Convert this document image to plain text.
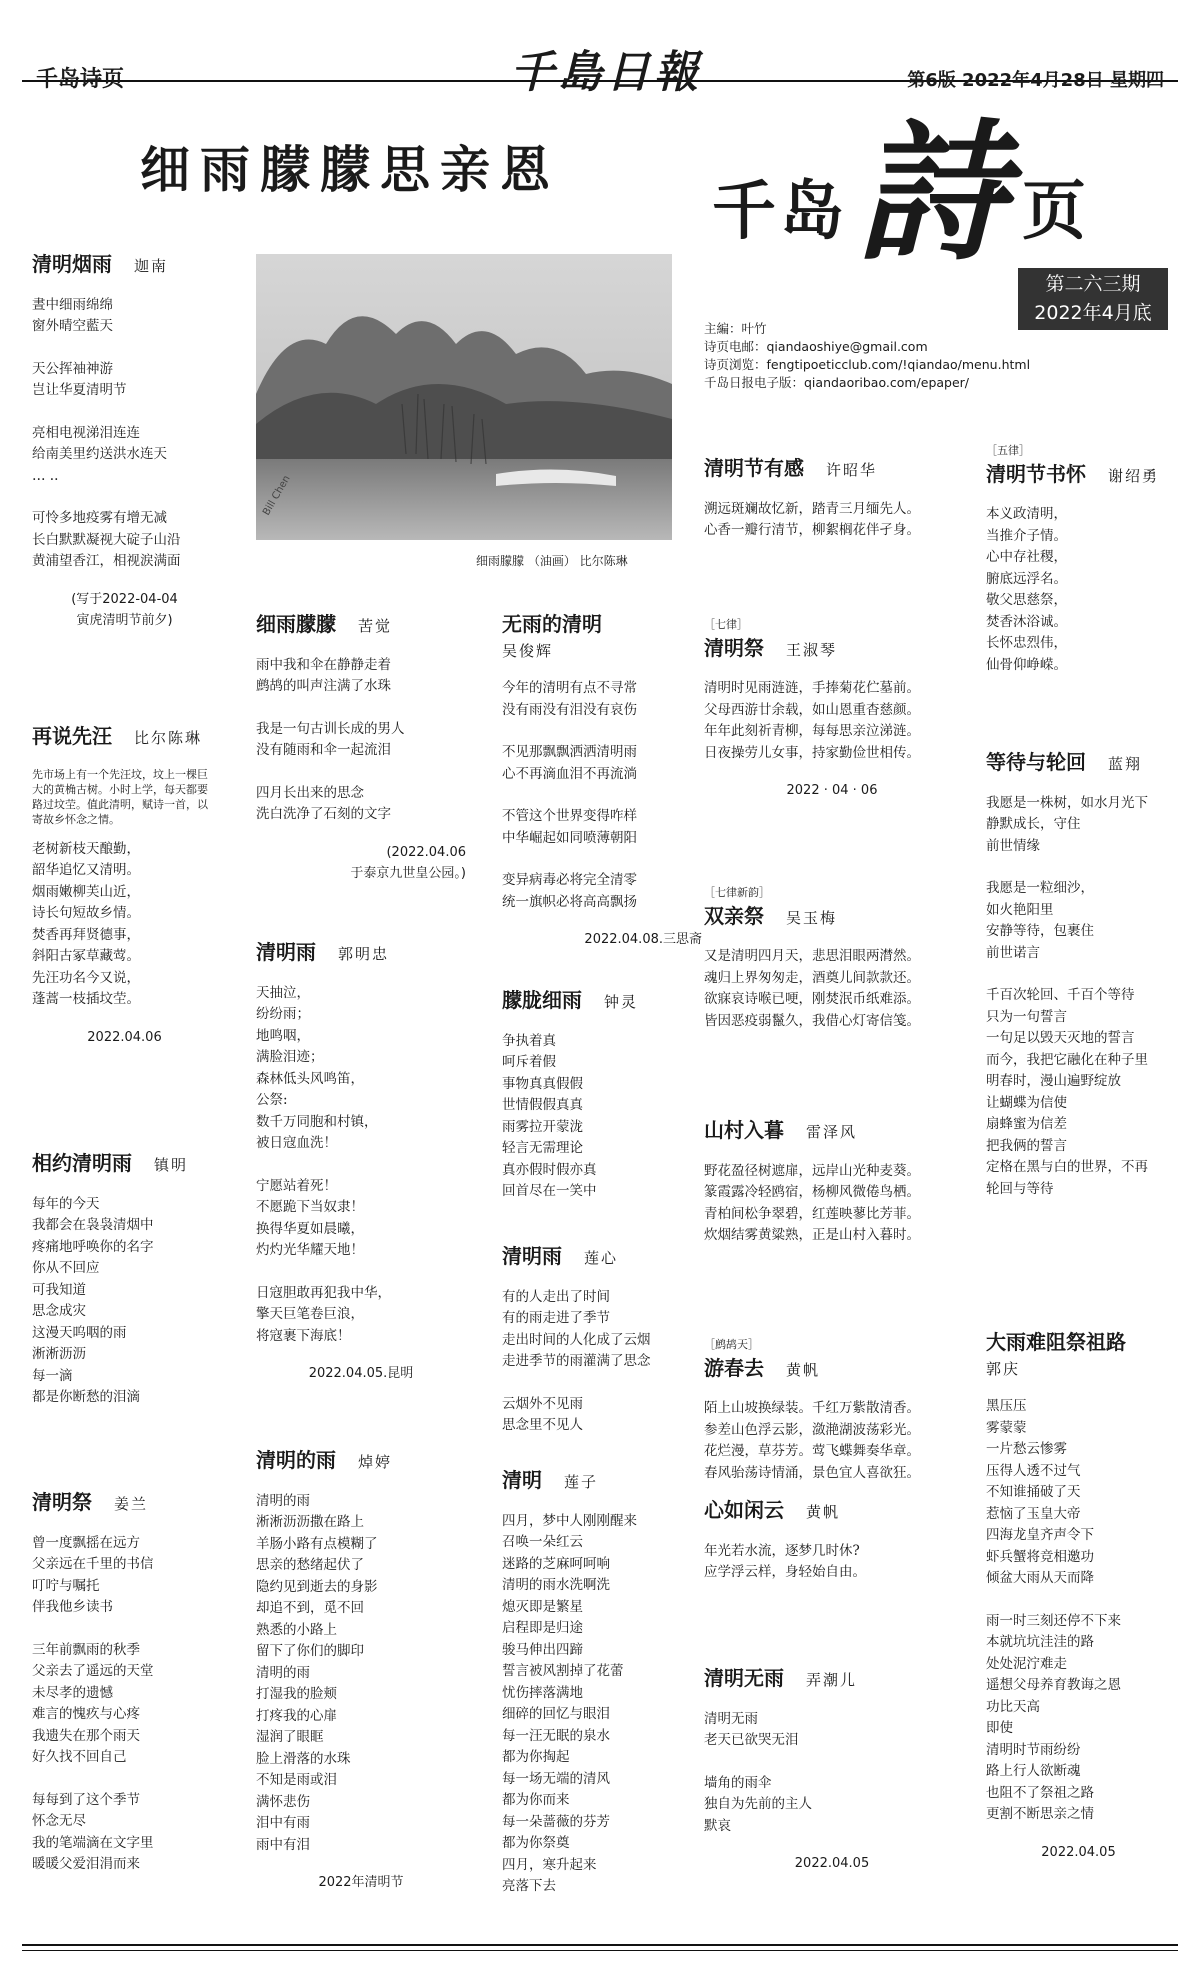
千岛诗页	千島日報	第6版 2022年4月28日 星期四
细雨朦朦思亲恩
千岛 詩 页
第二六三期
2022年4月底
主編：叶竹
诗页电邮：qiandaoshiye@gmail.com
诗页浏览：fengtipoeticclub.com/!qiandao/menu.html
千岛日报电子版：qiandaoribao.com/epaper/
Bill Chen
细雨朦朦 （油画） 比尔陈琳
清明烟雨 迦南
晝中细雨绵绵
窗外晴空藍天
天公挥袖神游
岂让华夏清明节
亮相电视涕泪连连
给南美里约送洪水连天
… ..
可怜多地疫雾有增无减
长白默默凝视大碇子山沿
黄浦望香江，相视涙满面
(写于2022-04-04
寅虎清明节前夕)
再说先汪 比尔陈琳
先市场上有一个先汪坟，坟上一棵巨大的黄桷古树。小时上学，每天都要路过坟茔。值此清明，赋诗一首，以寄故乡怀念之情。
老树新枝天酿勤，
韶华追忆又清明。
烟雨嫩柳芙山近，
诗长句短故乡情。
焚香再拜贤德事，
斜阳古冢草藏莺。
先汪功名今又说，
蓬蒿一枝插坟茔。
2022.04.06
相约清明雨 镇明
每年的今天
我都会在袅袅清烟中
疼痛地呼唤你的名字
你从不回应
可我知道
思念成灾
这漫天呜咽的雨
淅淅沥沥
每一滴
都是你断愁的泪滴
清明祭 姜兰
曾一度飘摇在远方
父亲远在千里的书信
叮咛与嘱托
伴我他乡读书
三年前飘雨的秋季
父亲去了遥远的天堂
未尽孝的遗憾
难言的愧疚与心疼
我遗失在那个雨天
好久找不回自己
每每到了这个季节
怀念无尽
我的笔端滴在文字里
暖暖父爱泪涓而来
细雨朦朦 苦觉
雨中我和伞在静静走着
鹧鸪的叫声注满了水珠
我是一句古训长成的男人
没有随雨和伞一起流泪
四月长出来的思念
洗白洗净了石刻的文字
(2022.04.06
于泰京九世皇公园。)
清明雨 郭明忠
天抽泣，
纷纷雨；
地鸣咽，
满脸泪迹；
森林低头风鸣笛，
公祭:
数千万同胞和村镇，
被日寇血洗！
宁愿站着死！
不愿跪下当奴隶！
换得华夏如晨曦，
灼灼光华耀天地！
日寇胆敢再犯我中华，
擎天巨笔卷巨浪，
将寇裹下海底！
2022.04.05.昆明
清明的雨 焯婷
清明的雨
淅淅沥沥撒在路上
羊肠小路有点模糊了
思亲的愁绪起伏了
隐约见到逝去的身影
却追不到，觅不回
熟悉的小路上
留下了你们的脚印
清明的雨
打湿我的脸颊
打疼我的心扉
湿润了眼眶
脸上滑落的水珠
不知是雨或泪
满怀悲伤
泪中有雨
雨中有泪
2022年清明节
无雨的清明
吴俊辉
今年的清明有点不寻常
没有雨没有泪没有哀伤
不见那飘飘洒洒清明雨
心不再滴血泪不再流淌
不管这个世界变得咋样
中华崛起如同喷薄朝阳
变异病毒必将完全清零
统一旗帜必将高高飘扬
2022.04.08.三思斋
朦胧细雨 钟灵
争执着真
呵斥着假
事物真真假假
世情假假真真
雨雾拉开蒙泷
轻言无需理论
真亦假时假亦真
回首尽在一笑中
清明雨 莲心
有的人走出了时间
有的雨走进了季节
走出时间的人化成了云烟
走进季节的雨灌满了思念
云烟外不见雨
思念里不见人
清明 莲子
四月，梦中人刚刚醒来
召唤一朵红云
迷路的芝麻呵呵响
清明的雨水洗啊洗
熄灭即是繁星
启程即是归途
骏马伸出四蹄
誓言被风割掉了花蕾
忧伤摔落满地
细碎的回忆与眼泪
每一汪无眠的泉水
都为你掏起
每一场无端的清风
都为你而来
每一朵蔷薇的芬芳
都为你祭奠
四月，寒升起来
亮落下去
清明节有感 许昭华
溯远斑斓故忆新，踏青三月缅先人。
心香一瓣行清节，柳絮榈花伴孑身。
［七律］
清明祭 王淑琴
清明时见雨涟涟，手捧菊花伫墓前。
父母西游廿余载，如山恩重杳慈颜。
年年此刻祈青柳，每每思亲泣涕涟。
日夜操劳儿女事，持家勤俭世相传。
2022 · 04 · 06
［七律新韵］
双亲祭 吴玉梅
又是清明四月天，悲思泪眼两潸然。
魂归上界匆匆走，酒奠儿间款款还。
欲寐哀诗喉已哽，刚焚泯币纸难添。
皆因恶疫弱鬣久，我借心灯寄信笺。
山村入暮 雷泽风
野花盈径树遮扉，远岸山光种麦葵。
篆霞露冷轻鸥宿，杨柳风微倦鸟栖。
青柏间松争翠碧，红莲映蓼比芳菲。
炊烟结雾黄粱熟，正是山村入暮时。
［鹧鸪天］
游春去 黄帆
陌上山坡换绿装。千红万紫散清香。
参差山色浮云影，潋滟湖波荡彩光。
花烂漫，草芬芳。莺飞蝶舞奏华章。
春风骀荡诗情涌，景色宜人喜欲狂。
心如闲云 黄帆
年光若水流，逐梦几时休?
应学浮云样，身轻始自由。
清明无雨 弄潮儿
清明无雨
老天已欲哭无泪
墙角的雨伞
独自为先前的主人
默哀
2022.04.05
［五律］
清明节书怀 谢绍勇
本义政清明，
当推介子情。
心中存社稷，
腑底远浮名。
敬父思慈祭，
焚香沐浴诚。
长怀忠烈伟，
仙骨仰峥嵘。
等待与轮回 蓝翔
我愿是一株树，如水月光下
静默成长，守住
前世情缘
我愿是一粒细沙，
如火艳阳里
安静等待，包裹住
前世诺言
千百次轮回、千百个等待
只为一句誓言
一句足以毁天灭地的誓言
而今，我把它融化在种子里
明春时，漫山遍野绽放
让蝴蝶为信使
扇蜂蜜为信差
把我俩的誓言
定格在黑与白的世界，不再
轮回与等待
大雨难阻祭祖路
郭庆
黑压压
雾蒙蒙
一片愁云惨雾
压得人透不过气
不知谁捅破了天
惹恼了玉皇大帝
四海龙皇齐声令下
虾兵蟹将竞相邀功
倾盆大雨从天而降
雨一时三刻还停不下来
本就坑坑洼洼的路
处处泥泞难走
遥想父母养育教诲之恩
功比天高
即使
清明时节雨纷纷
路上行人欲断魂
也阻不了祭祖之路
更割不断思亲之情
2022.04.05
